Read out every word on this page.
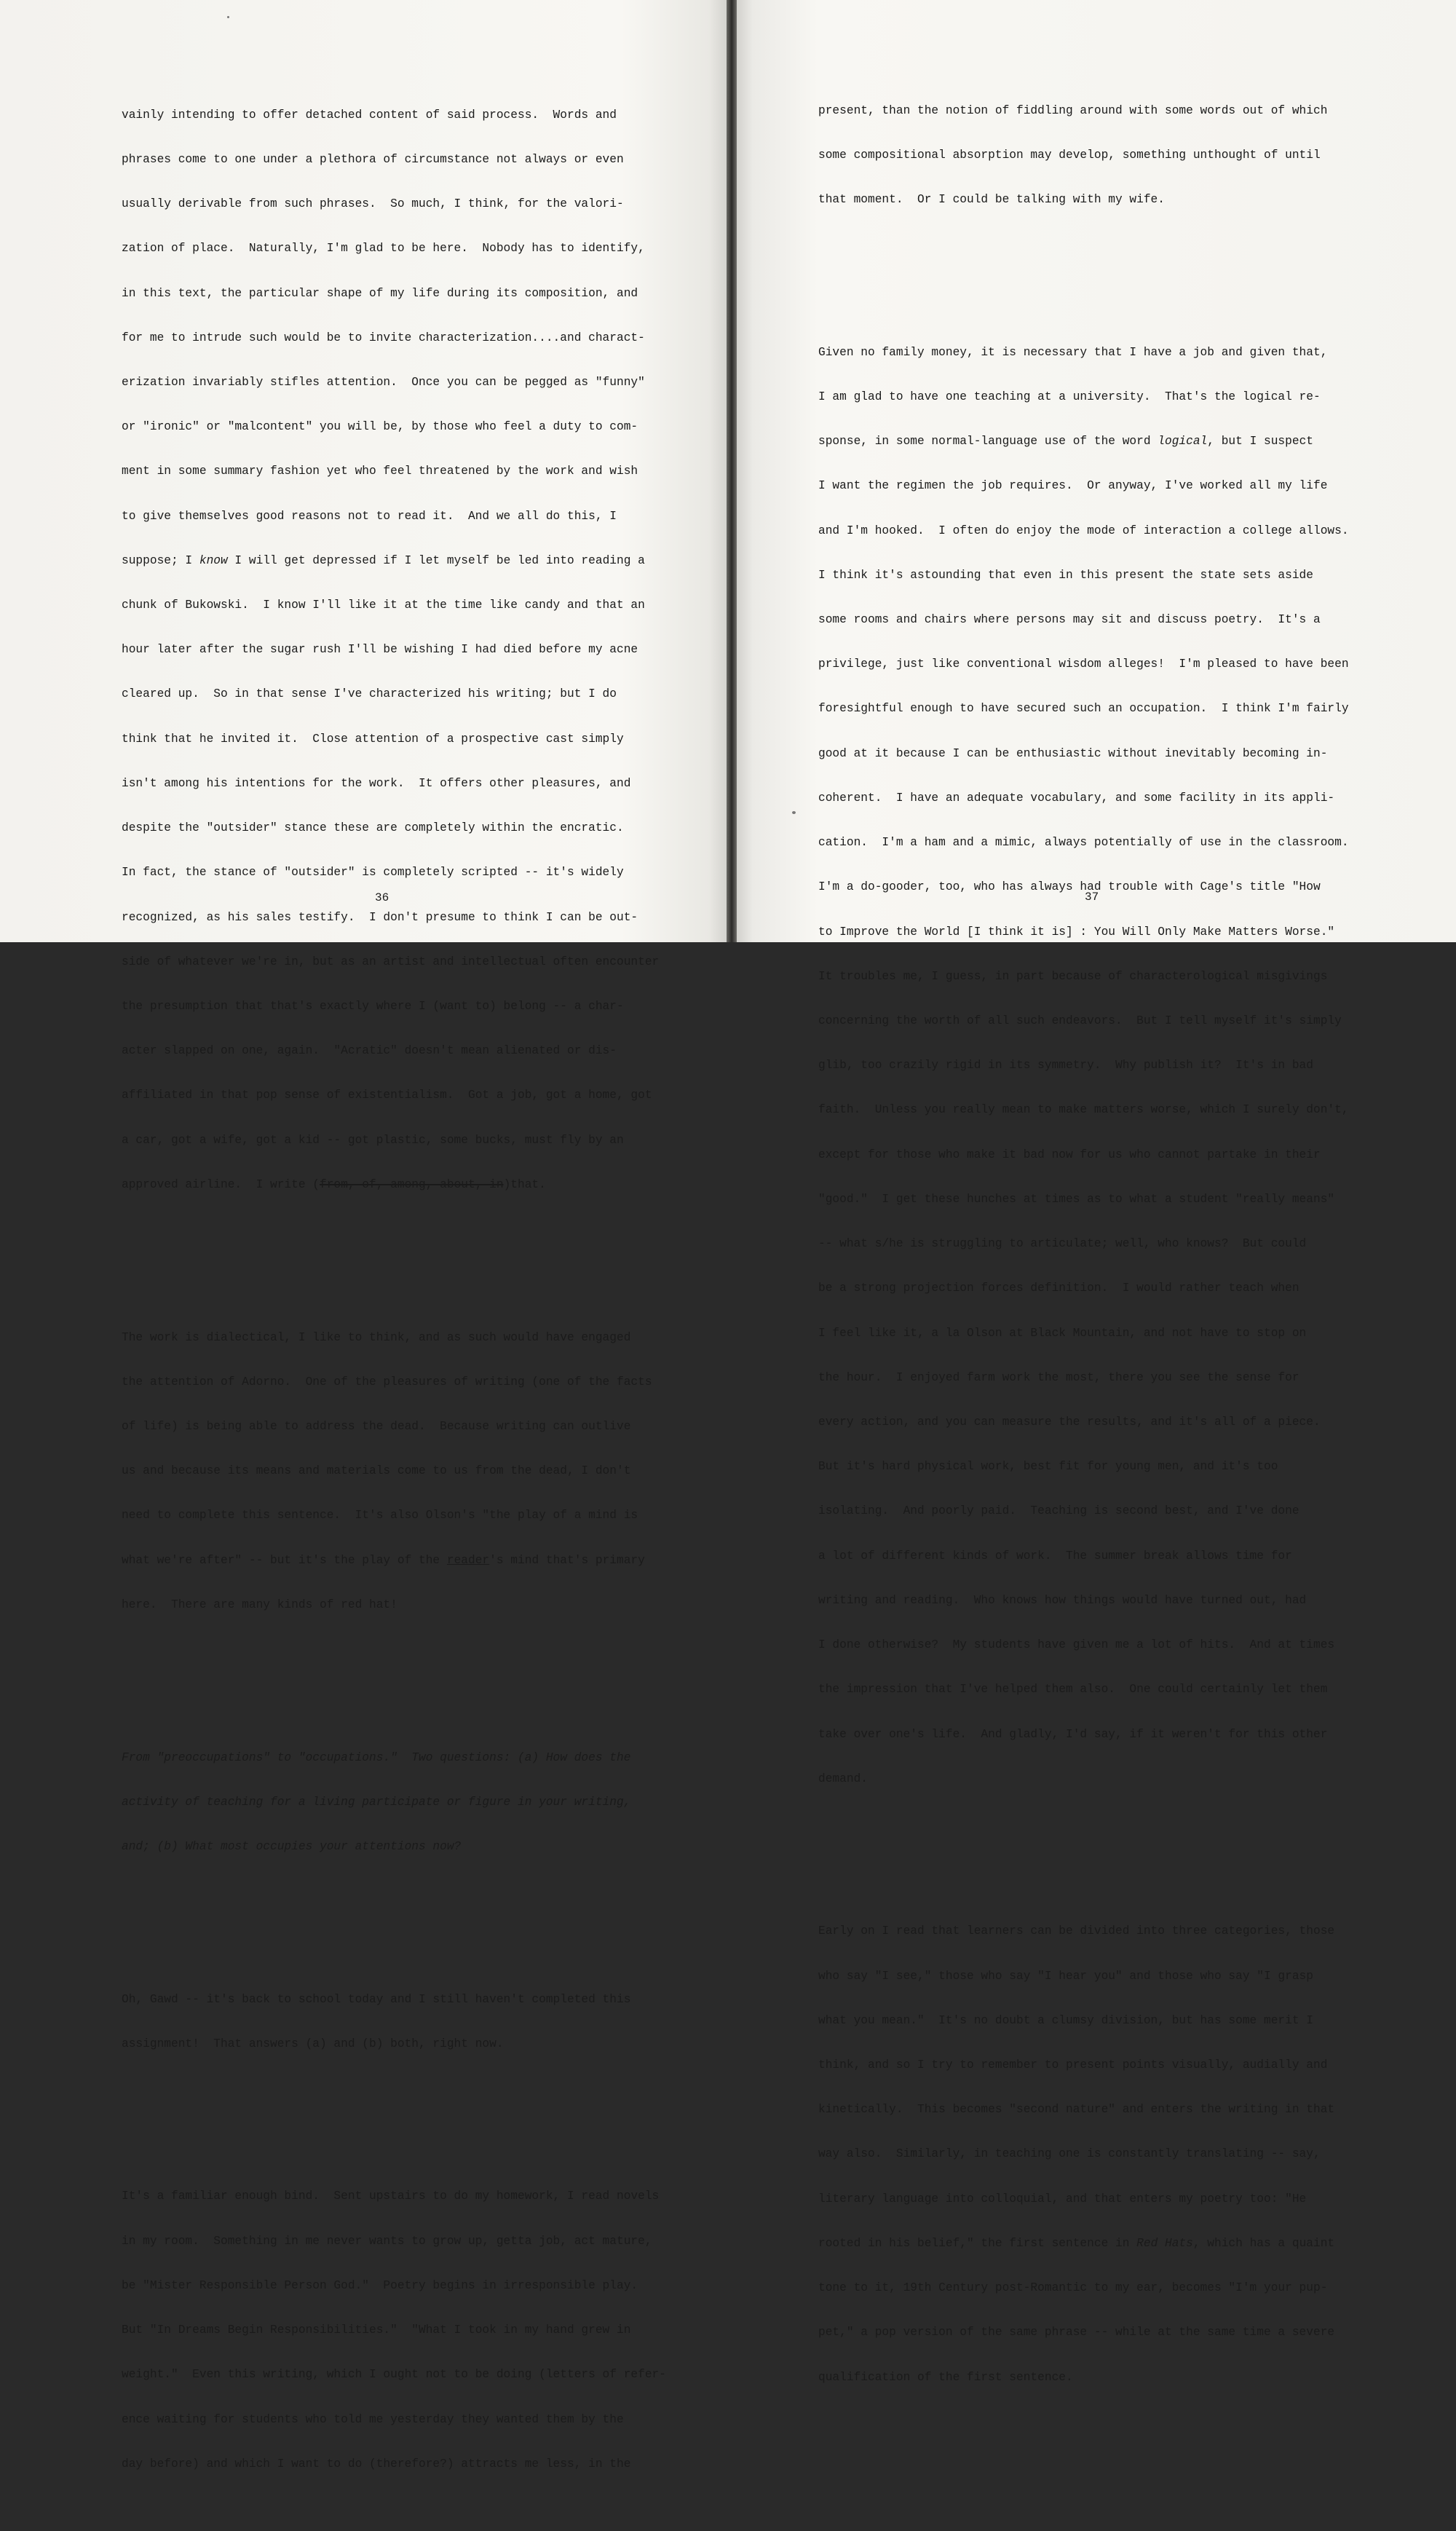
vainly intending to offer detached content of said process.  Words and

phrases come to one under a plethora of circumstance not always or even

usually derivable from such phrases.  So much, I think, for the valori-

zation of place.  Naturally, I'm glad to be here.  Nobody has to identify,

in this text, the particular shape of my life during its composition, and

for me to intrude such would be to invite characterization....and charact-

erization invariably stifles attention.  Once you can be pegged as "funny"

or "ironic" or "malcontent" you will be, by those who feel a duty to com-

ment in some summary fashion yet who feel threatened by the work and wish

to give themselves good reasons not to read it.  And we all do this, I

suppose; I know I will get depressed if I let myself be led into reading a

chunk of Bukowski.  I know I'll like it at the time like candy and that an

hour later after the sugar rush I'll be wishing I had died before my acne

cleared up.  So in that sense I've characterized his writing; but I do

think that he invited it.  Close attention of a prospective cast simply

isn't among his intentions for the work.  It offers other pleasures, and

despite the "outsider" stance these are completely within the encratic.

In fact, the stance of "outsider" is completely scripted -- it's widely

recognized, as his sales testify.  I don't presume to think I can be out-

side of whatever we're in, but as an artist and intellectual often encounter

the presumption that that's exactly where I (want to) belong -- a char-

acter slapped on one, again.  "Acratic" doesn't mean alienated or dis-

affiliated in that pop sense of existentialism.  Got a job, got a home, got

a car, got a wife, got a kid -- got plastic, some bucks, must fly by an

approved airline.  I write (from, of, among, about, in)that.

The work is dialectical, I like to think, and as such would have engaged

the attention of Adorno.  One of the pleasures of writing (one of the facts

of life) is being able to address the dead.  Because writing can outlive

us and because its means and materials come to us from the dead, I don't

need to complete this sentence.  It's also Olson's "the play of a mind is

what we're after" -- but it's the play of the reader's mind that's primary

here.  There are many kinds of red hat!

From "preoccupations" to "occupations."  Two questions: (a) How does the

activity of teaching for a living participate or figure in your writing,

and; (b) What most occupies your attentions now?

Oh, Gawd -- it's back to school today and I still haven't completed this

assignment!  That answers (a) and (b) both, right now.

It's a familiar enough bind.  Sent upstairs to do my homework, I read novels

in my room.  Something in me never wants to grow up, getta job, act mature,

be "Mister Responsible Person God."  Poetry begins in irresponsible play.

But "In Dreams Begin Responsibilities."  "What I took in my hand grew in

weight."  Even this writing, which I ought not to be doing (letters of refer-

ence waiting for students who told me yesterday they wanted them by the

day before) and which I want to do (therefore?) attracts me less, in the

36

present, than the notion of fiddling around with some words out of which

some compositional absorption may develop, something unthought of until

that moment.  Or I could be talking with my wife.

Given no family money, it is necessary that I have a job and given that,

I am glad to have one teaching at a university.  That's the logical re-

sponse, in some normal-language use of the word logical, but I suspect

I want the regimen the job requires.  Or anyway, I've worked all my life

and I'm hooked.  I often do enjoy the mode of interaction a college allows.

I think it's astounding that even in this present the state sets aside

some rooms and chairs where persons may sit and discuss poetry.  It's a

privilege, just like conventional wisdom alleges!  I'm pleased to have been

foresightful enough to have secured such an occupation.  I think I'm fairly

good at it because I can be enthusiastic without inevitably becoming in-

coherent.  I have an adequate vocabulary, and some facility in its appli-

cation.  I'm a ham and a mimic, always potentially of use in the classroom.

I'm a do-gooder, too, who has always had trouble with Cage's title "How

to Improve the World [I think it is] : You Will Only Make Matters Worse."

It troubles me, I guess, in part because of characterological misgivings

concerning the worth of all such endeavors.  But I tell myself it's simply

glib, too crazily rigid in its symmetry.  Why publish it?  It's in bad

faith.  Unless you really mean to make matters worse, which I surely don't,

except for those who make it bad now for us who cannot partake in their

"good."  I get these hunches at times as to what a student "really means"

-- what s/he is struggling to articulate; well, who knows?  But could

be a strong projection forces definition.  I would rather teach when

I feel like it, a la Olson at Black Mountain, and not have to stop on

the hour.  I enjoyed farm work the most, there you see the sense for

every action, and you can measure the results, and it's all of a piece.

But it's hard physical work, best fit for young men, and it's too

isolating.  And poorly paid.  Teaching is second best, and I've done

a lot of different kinds of work.  The summer break allows time for

writing and reading.  Who knows how things would have turned out, had

I done otherwise?  My students have given me a lot of hits.  And at times

the impression that I've helped them also.  One could certainly let them

take over one's life.  And gladly, I'd say, if it weren't for this other

demand.

Early on I read that learners can be divided into three categories, those

who say "I see," those who say "I hear you" and those who say "I grasp

what you mean."  It's no doubt a clumsy division, but has some merit I

think, and so I try to remember to present points visually, audially and

kinetically.  This becomes "second nature" and enters the writing in that

way also.  Similarly, in teaching one is constantly translating -- say,

literary language into colloquial, and that enters my poetry too: "He

rooted in his belief," the first sentence in Red Hats, which has a quaint

tone to it, 19th Century post-Romantic to my ear, becomes "I'm your pup-

pet," a pop version of the same phrase -- while at the same time a severe

qualification of the first sentence.

37
